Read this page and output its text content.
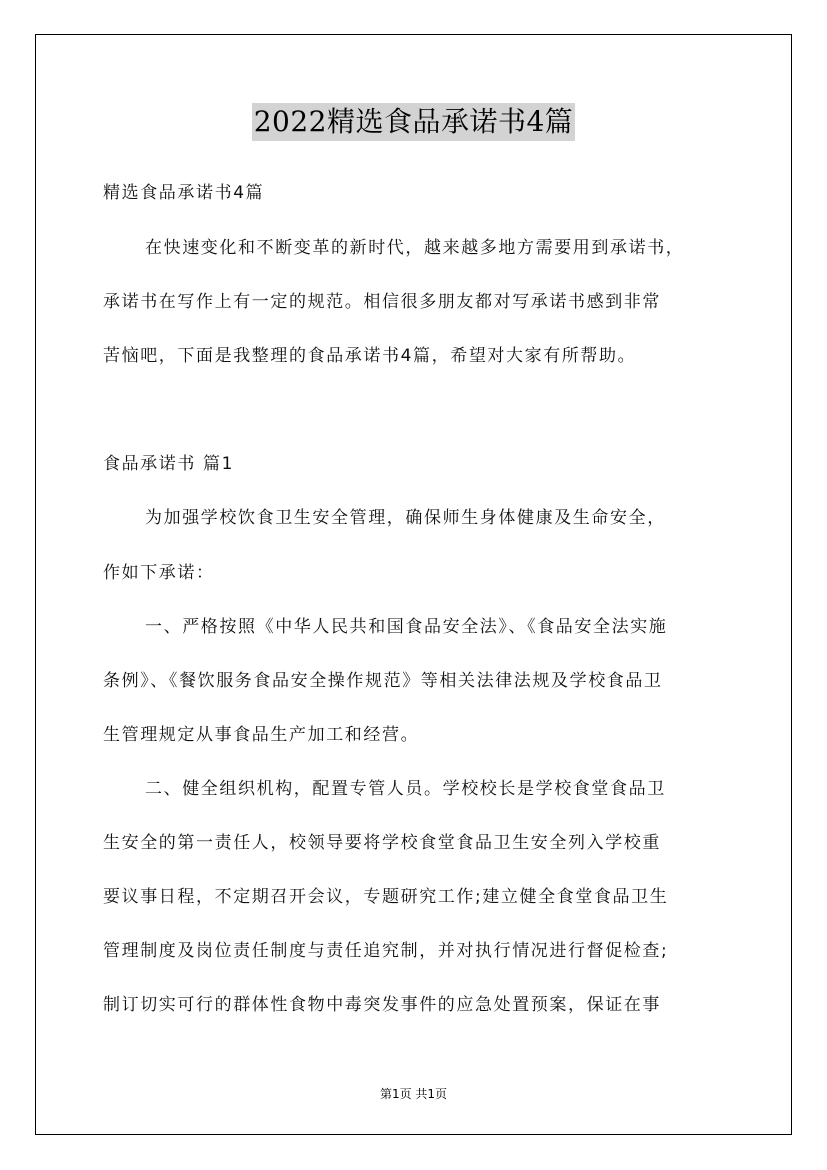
2022精选食品承诺书4篇
精选食品承诺书4篇
在快速变化和不断变革的新时代，越来越多地方需要用到承诺书，
承诺书在写作上有一定的规范。相信很多朋友都对写承诺书感到非常
苦恼吧，下面是我整理的食品承诺书4篇，希望对大家有所帮助。
食品承诺书 篇1
为加强学校饮食卫生安全管理，确保师生身体健康及生命安全，
作如下承诺：
一、严格按照《中华人民共和国食品安全法》、《食品安全法实施
条例》、《餐饮服务食品安全操作规范》等相关法律法规及学校食品卫
生管理规定从事食品生产加工和经营。
二、健全组织机构，配置专管人员。学校校长是学校食堂食品卫
生安全的第一责任人，校领导要将学校食堂食品卫生安全列入学校重
要议事日程，不定期召开会议，专题研究工作;建立健全食堂食品卫生
管理制度及岗位责任制度与责任追究制，并对执行情况进行督促检查;
制订切实可行的群体性食物中毒突发事件的应急处置预案，保证在事
第1页 共1页
